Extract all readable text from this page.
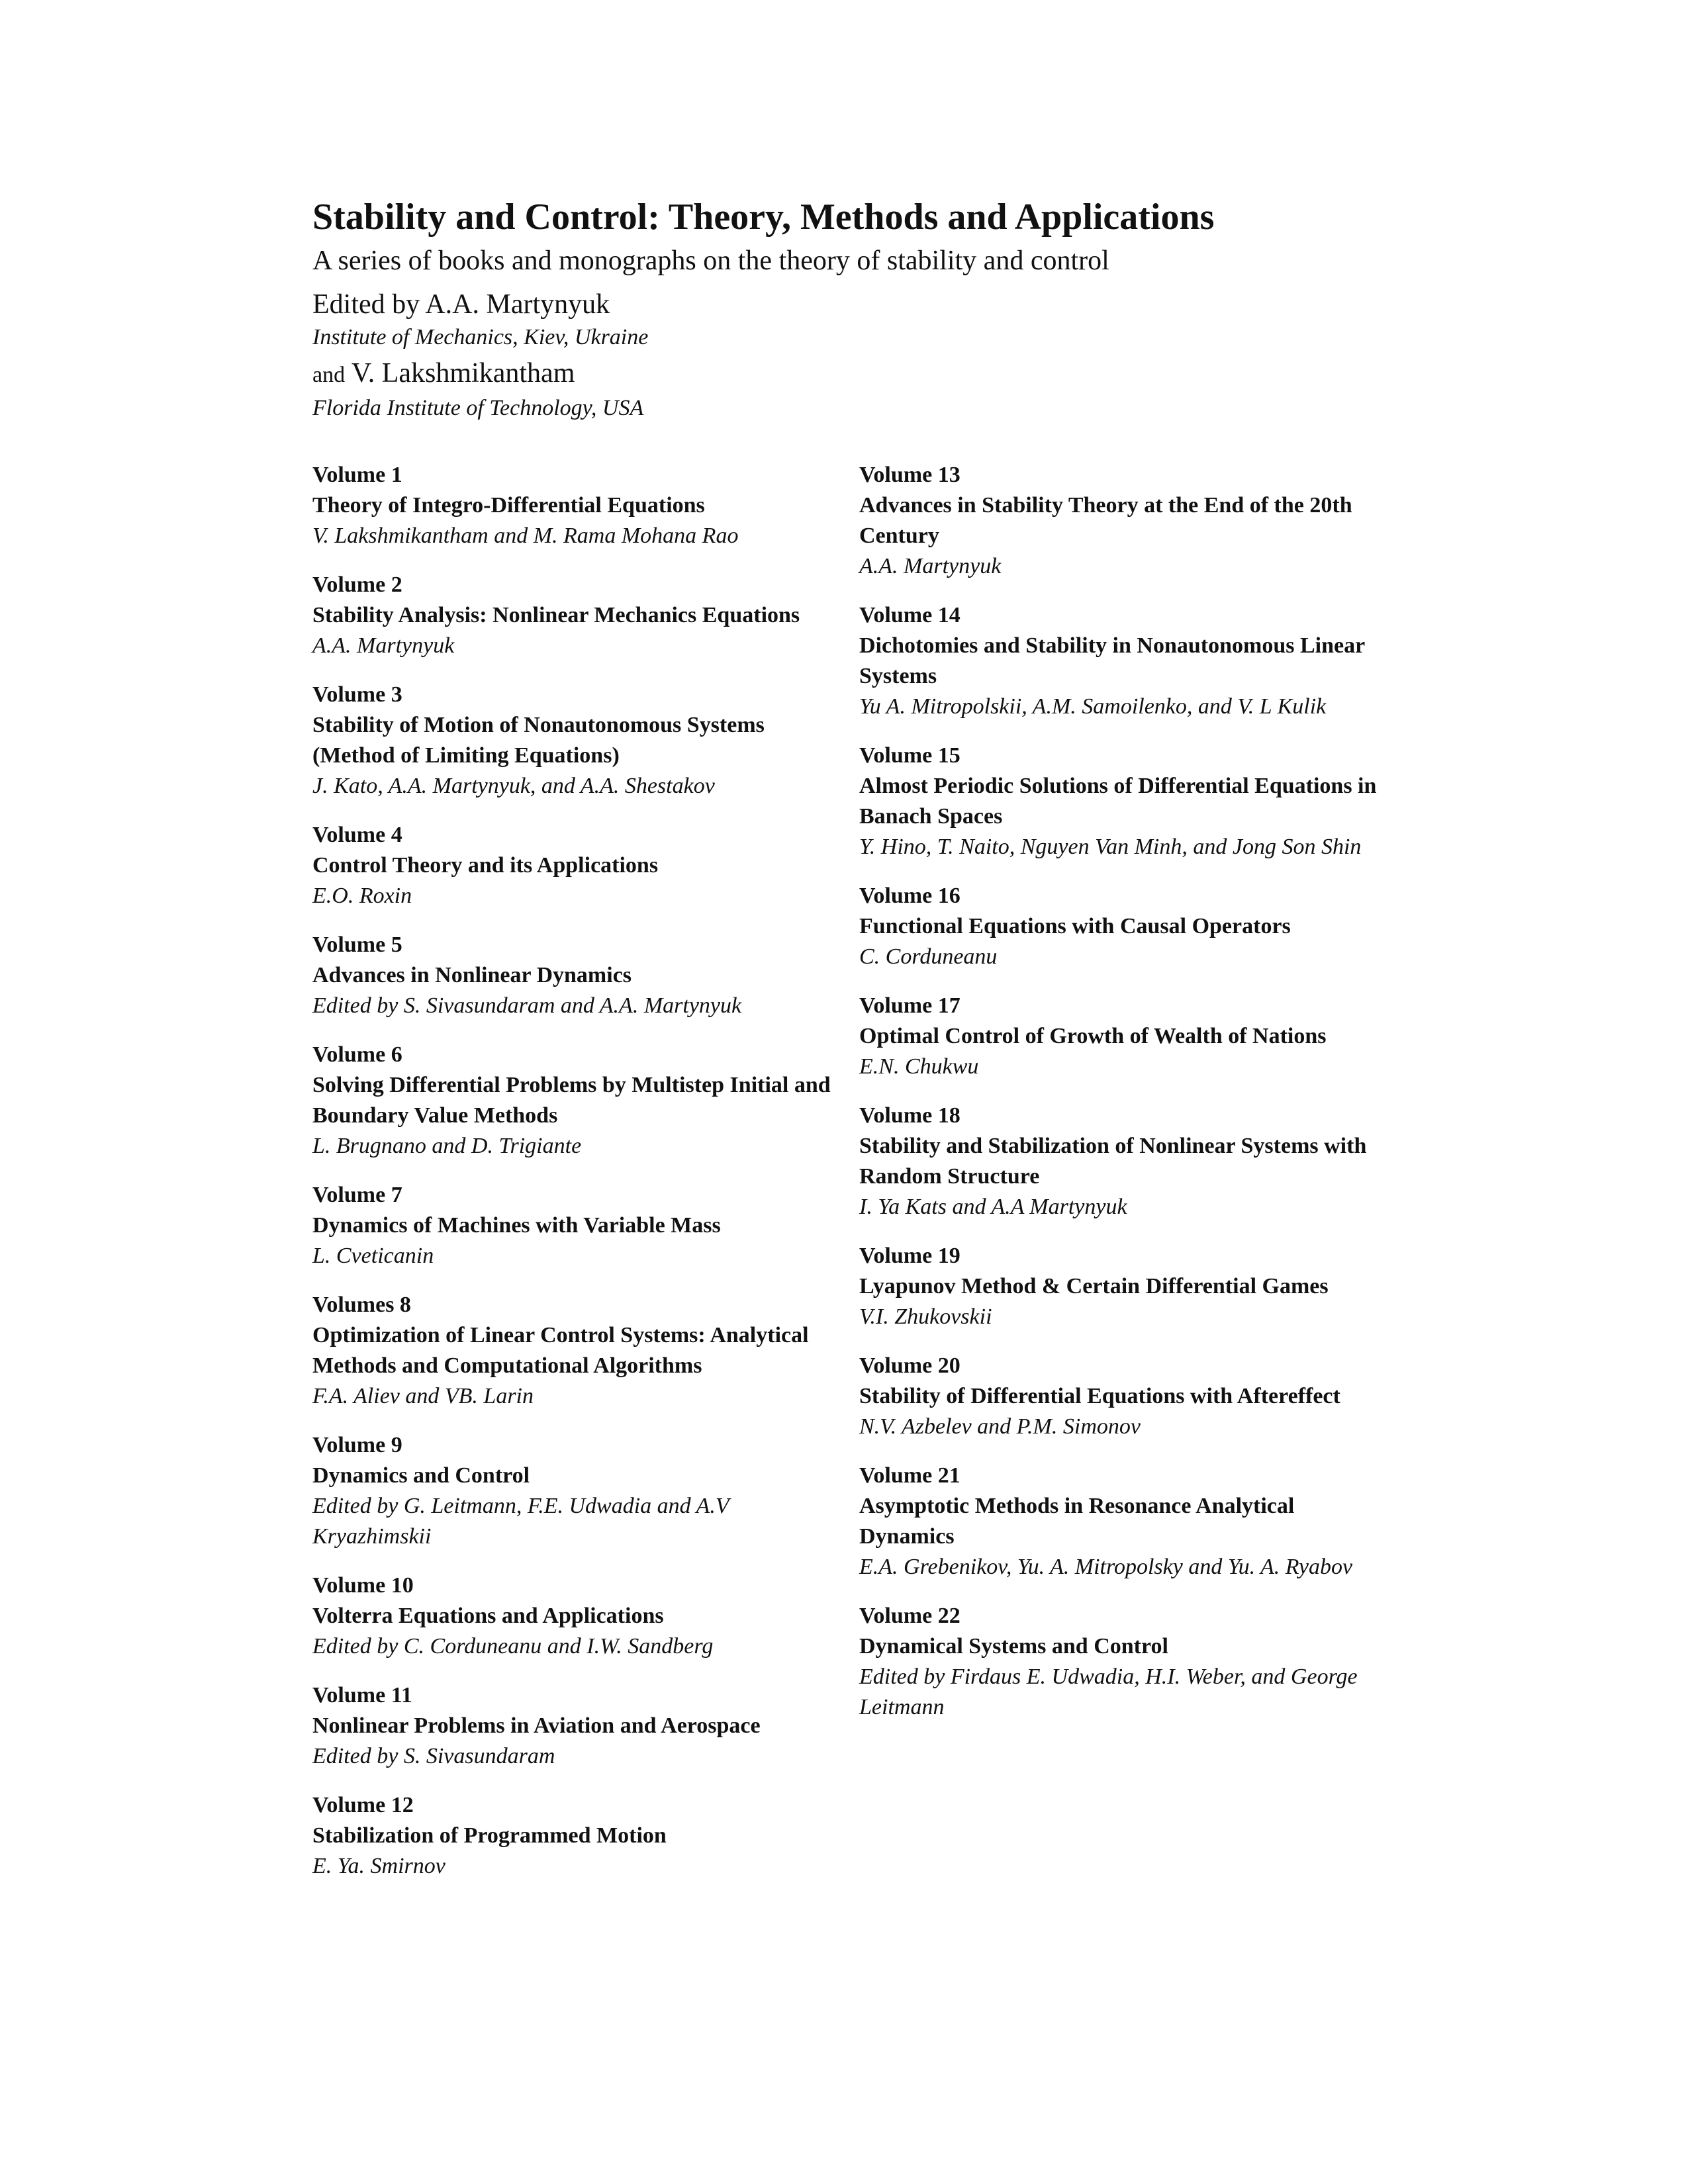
Stability and Control: Theory, Methods and Applications

A series of books and monographs on the theory of stability and control

Edited by A.A. Martynyuk

Institute of Mechanics, Kiev, Ukraine

and V. Lakshmikantham

Florida Institute of Technology, USA

Volume 1
Theory of Integro-Differential Equations
V. Lakshmikantham and M. Rama Mohana Rao
Volume 2
Stability Analysis: Nonlinear Mechanics Equations
A.A. Martynyuk
Volume 3
Stability of Motion of Nonautonomous Systems (Method of Limiting Equations)
J. Kato, A.A. Martynyuk, and A.A. Shestakov
Volume 4
Control Theory and its Applications
E.O. Roxin
Volume 5
Advances in Nonlinear Dynamics
Edited by S. Sivasundaram and A.A. Martynyuk
Volume 6
Solving Differential Problems by Multistep Initial and Boundary Value Methods
L. Brugnano and D. Trigiante
Volume 7
Dynamics of Machines with Variable Mass
L. Cveticanin
Volumes 8
Optimization of Linear Control Systems: Analytical Methods and Computational Algorithms
F.A. Aliev and VB. Larin
Volume 9
Dynamics and Control
Edited by G. Leitmann, F.E. Udwadia and A.V Kryazhimskii
Volume 10
Volterra Equations and Applications
Edited by C. Corduneanu and I.W. Sandberg
Volume 11
Nonlinear Problems in Aviation and Aerospace
Edited by S. Sivasundaram
Volume 12
Stabilization of Programmed Motion
E. Ya. Smirnov
Volume 13
Advances in Stability Theory at the End of the 20th Century
A.A. Martynyuk
Volume 14
Dichotomies and Stability in Nonautonomous Linear Systems
Yu A. Mitropolskii, A.M. Samoilenko, and V. L Kulik
Volume 15
Almost Periodic Solutions of Differential Equations in Banach Spaces
Y. Hino, T. Naito, Nguyen Van Minh, and Jong Son Shin
Volume 16
Functional Equations with Causal Operators
C. Corduneanu
Volume 17
Optimal Control of Growth of Wealth of Nations
E.N. Chukwu
Volume 18
Stability and Stabilization of Nonlinear Systems with Random Structure
I. Ya Kats and A.A Martynyuk
Volume 19
Lyapunov Method & Certain Differential Games
V.I. Zhukovskii
Volume 20
Stability of Differential Equations with Aftereffect
N.V. Azbelev and P.M. Simonov
Volume 21
Asymptotic Methods in Resonance Analytical Dynamics
E.A. Grebenikov, Yu. A. Mitropolsky and Yu. A. Ryabov
Volume 22
Dynamical Systems and Control
Edited by Firdaus E. Udwadia, H.I. Weber, and George Leitmann
